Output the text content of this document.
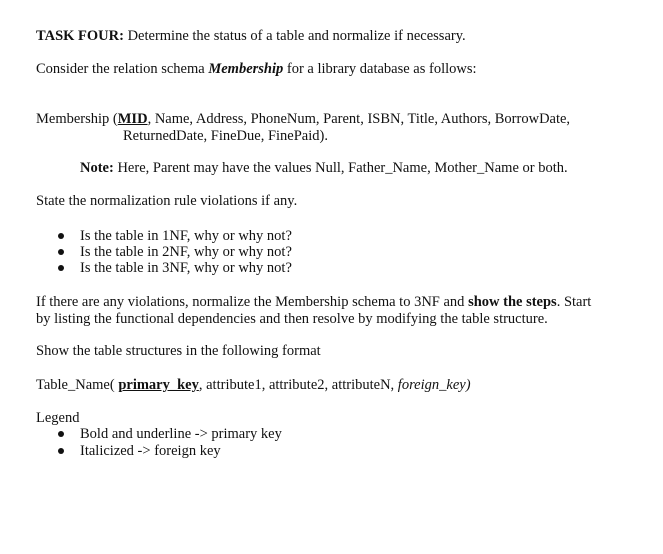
TASK FOUR: Determine the status of a table and normalize if necessary.
Consider the relation schema Membership for a library database as follows:
Membership (MID, Name, Address, PhoneNum, Parent, ISBN, Title, Authors, BorrowDate,
ReturnedDate, FineDue, FinePaid).
Note: Here, Parent may have the values Null, Father_Name, Mother_Name or both.
State the normalization rule violations if any.
Is the table in 1NF, why or why not?
Is the table in 2NF, why or why not?
Is the table in 3NF, why or why not?
If there are any violations, normalize the Membership schema to 3NF and show the steps. Start
by listing the functional dependencies and then resolve by modifying the table structure.
Show the table structures in the following format
Table_Name( primary_key, attribute1, attribute2, attributeN, foreign_key)
Legend
Bold and underline -> primary key
Italicized -> foreign key
